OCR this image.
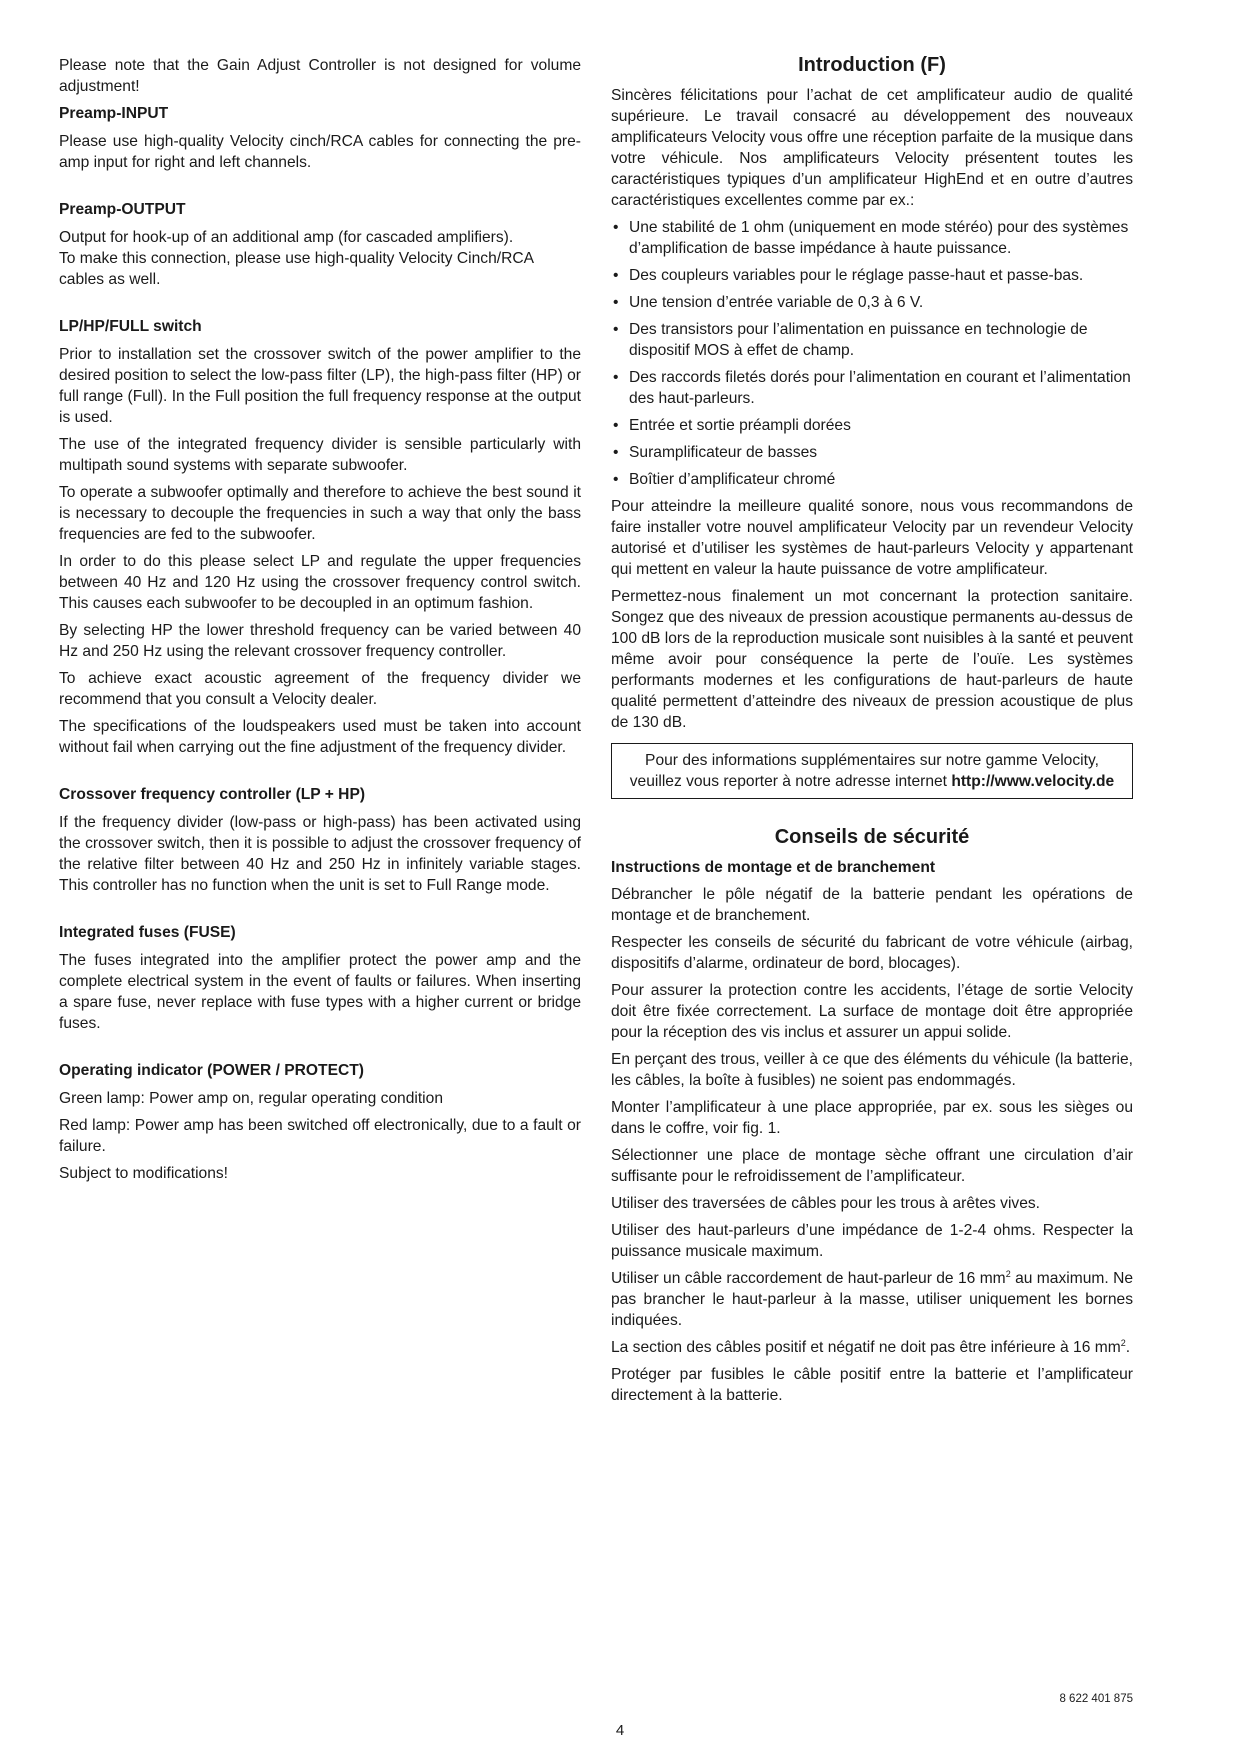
Please note that the Gain Adjust Controller is not designed for volume adjustment!

Preamp-INPUT

Please use high-quality Velocity cinch/RCA cables for connecting the pre-amp input for right and left channels.

Preamp-OUTPUT

Output for hook-up of an additional amp (for cascaded amplifiers).

To make this connection, please use high-quality Velocity Cinch/RCA cables as well.

LP/HP/FULL switch

Prior to installation set the crossover switch of the power amplifier to the desired position to select the low-pass filter (LP), the high-pass filter (HP) or full range (Full). In the Full position the full frequency response at the output is used.

The use of the integrated frequency divider is sensible particularly with multipath sound systems with separate subwoofer.

To operate a subwoofer optimally and therefore to achieve the best sound it is necessary to decouple the frequencies in such a way that only the bass frequencies are fed to the subwoofer.

In order to do this please select LP and regulate the upper frequencies between 40 Hz and 120 Hz using the crossover frequency control switch. This causes each subwoofer to be decoupled in an optimum fashion.

By selecting HP the lower threshold frequency can be varied between 40 Hz and 250 Hz using the relevant crossover frequency controller.

To achieve exact acoustic agreement of the frequency divider we recommend that you consult a Velocity dealer.

The specifications of the loudspeakers used must be taken into account without fail when carrying out the fine adjustment of the frequency divider.

Crossover frequency controller (LP + HP)

If the frequency divider (low-pass or high-pass) has been activated using the crossover switch, then it is possible to adjust the crossover frequency of the relative filter between 40 Hz and 250 Hz in infinitely variable stages. This controller has no function when the unit is set to Full Range mode.

Integrated fuses (FUSE)

The fuses integrated into the amplifier protect the power amp and the complete electrical system in the event of faults or failures. When inserting a spare fuse, never replace with fuse types with a higher current or bridge fuses.

Operating indicator (POWER / PROTECT)

Green lamp: Power amp on, regular operating condition

Red lamp: Power amp has been switched off electronically, due to a fault or failure.

Subject to modifications!

Introduction (F)

Sincères félicitations pour l’achat de cet amplificateur audio de qualité supérieure. Le travail consacré au développement des nouveaux amplificateurs Velocity vous offre une réception parfaite de la musique dans votre véhicule. Nos amplificateurs Velocity présentent toutes les caractéristiques typiques d’un amplificateur HighEnd et en outre d’autres caractéristiques excellentes comme par ex.:

• Une stabilité de 1 ohm (uniquement en mode stéréo) pour des systèmes d’amplification de basse impédance à haute puissance.
• Des coupleurs variables pour le réglage passe-haut et passe-bas.
• Une tension d’entrée variable de 0,3 à 6 V.
• Des transistors pour l’alimentation en puissance en technologie de dispositif MOS à effet de champ.
• Des raccords filetés dorés pour l’alimentation en courant et l’alimentation des haut-parleurs.
• Entrée et sortie préampli dorées
• Suramplificateur de basses
• Boîtier d’amplificateur chromé

Pour atteindre la meilleure qualité sonore, nous vous recommandons de faire installer votre nouvel amplificateur Velocity par un revendeur Velocity autorisé et d’utiliser les systèmes de haut-parleurs Velocity y appartenant qui mettent en valeur la haute puissance de votre amplificateur.

Permettez-nous finalement un mot concernant la protection sanitaire. Songez que des niveaux de pression acoustique permanents au-dessus de 100 dB lors de la reproduction musicale sont nuisibles à la santé et peuvent même avoir pour conséquence la perte de l’ouïe. Les systèmes performants modernes et les configurations de haut-parleurs de haute qualité permettent d’atteindre des niveaux de pression acoustique de plus de 130 dB.

Pour des informations supplémentaires sur notre gamme Velocity, veuillez vous reporter à notre adresse internet http://www.velocity.de
Conseils de sécurité
Instructions de montage et de branchement

Débrancher le pôle négatif de la batterie pendant les opérations de montage et de branchement.

Respecter les conseils de sécurité du fabricant de votre véhicule (airbag, dispositifs d’alarme, ordinateur de bord, blocages).

Pour assurer la protection contre les accidents, l’étage de sortie Velocity doit être fixée correctement. La surface de montage doit être appropriée pour la réception des vis inclus et assurer un appui solide.

En perçant des trous, veiller à ce que des éléments du véhicule (la batterie, les câbles, la boîte à fusibles) ne soient pas endommagés.

Monter l’amplificateur à une place appropriée, par ex. sous les sièges ou dans le coffre, voir fig. 1.

Sélectionner une place de montage sèche offrant une circulation d’air suffisante pour le refroidissement de l’amplificateur.

Utiliser des traversées de câbles pour les trous à arêtes vives.

Utiliser des haut-parleurs d’une impédance de 1-2-4 ohms. Respecter la puissance musicale maximum.

Utiliser un câble raccordement de haut-parleur de 16 $mm^2$ au maximum. Ne pas brancher le haut-parleur à la masse, utiliser uniquement les bornes indiquées.

La section des câbles positif et négatif ne doit pas être inférieure à 16 $mm^2$.

Protéger par fusibles le câble positif entre la batterie et l’amplificateur directement à la batterie.

8 622 401 875
4
